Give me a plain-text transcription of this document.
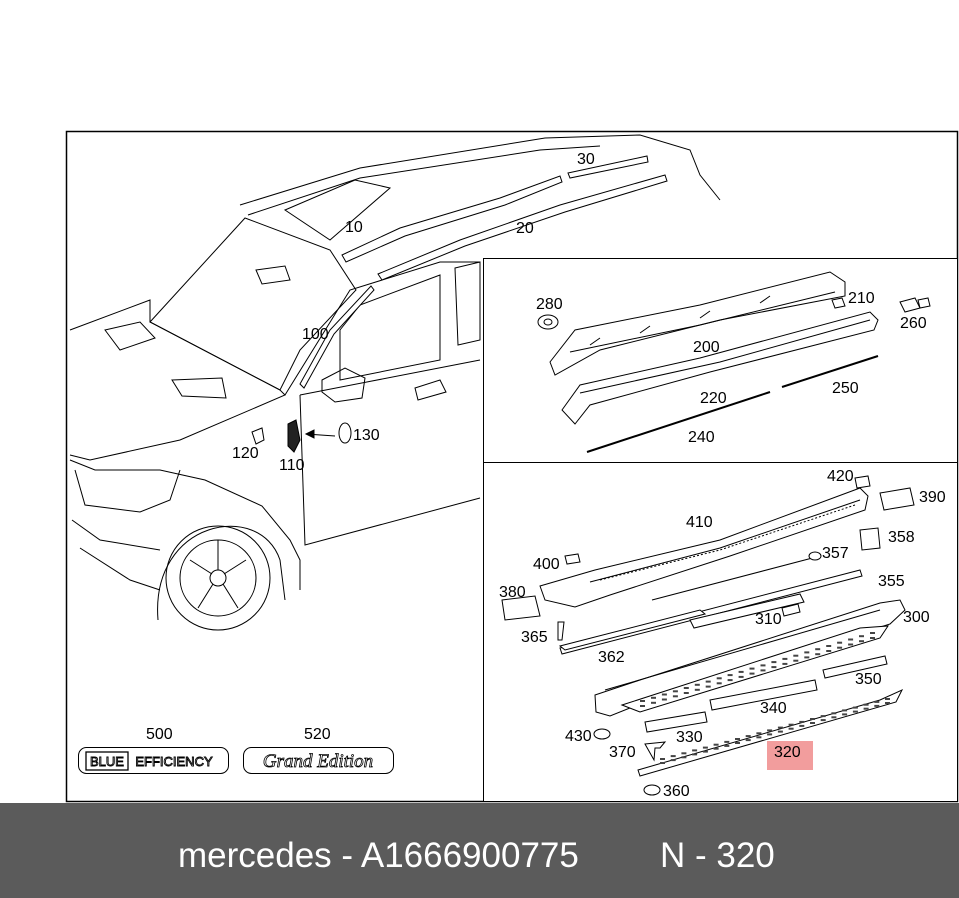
BLUE EFFICIENCY	Grand Edition
10	20
30
100
110
120
130
200
210
220
240
250
260
280
300
310
320
330
340
350
355
357
358
360
362
365
370
380
390
400
410
420
430
500	520
mercedes - A1666900775 N - 320
